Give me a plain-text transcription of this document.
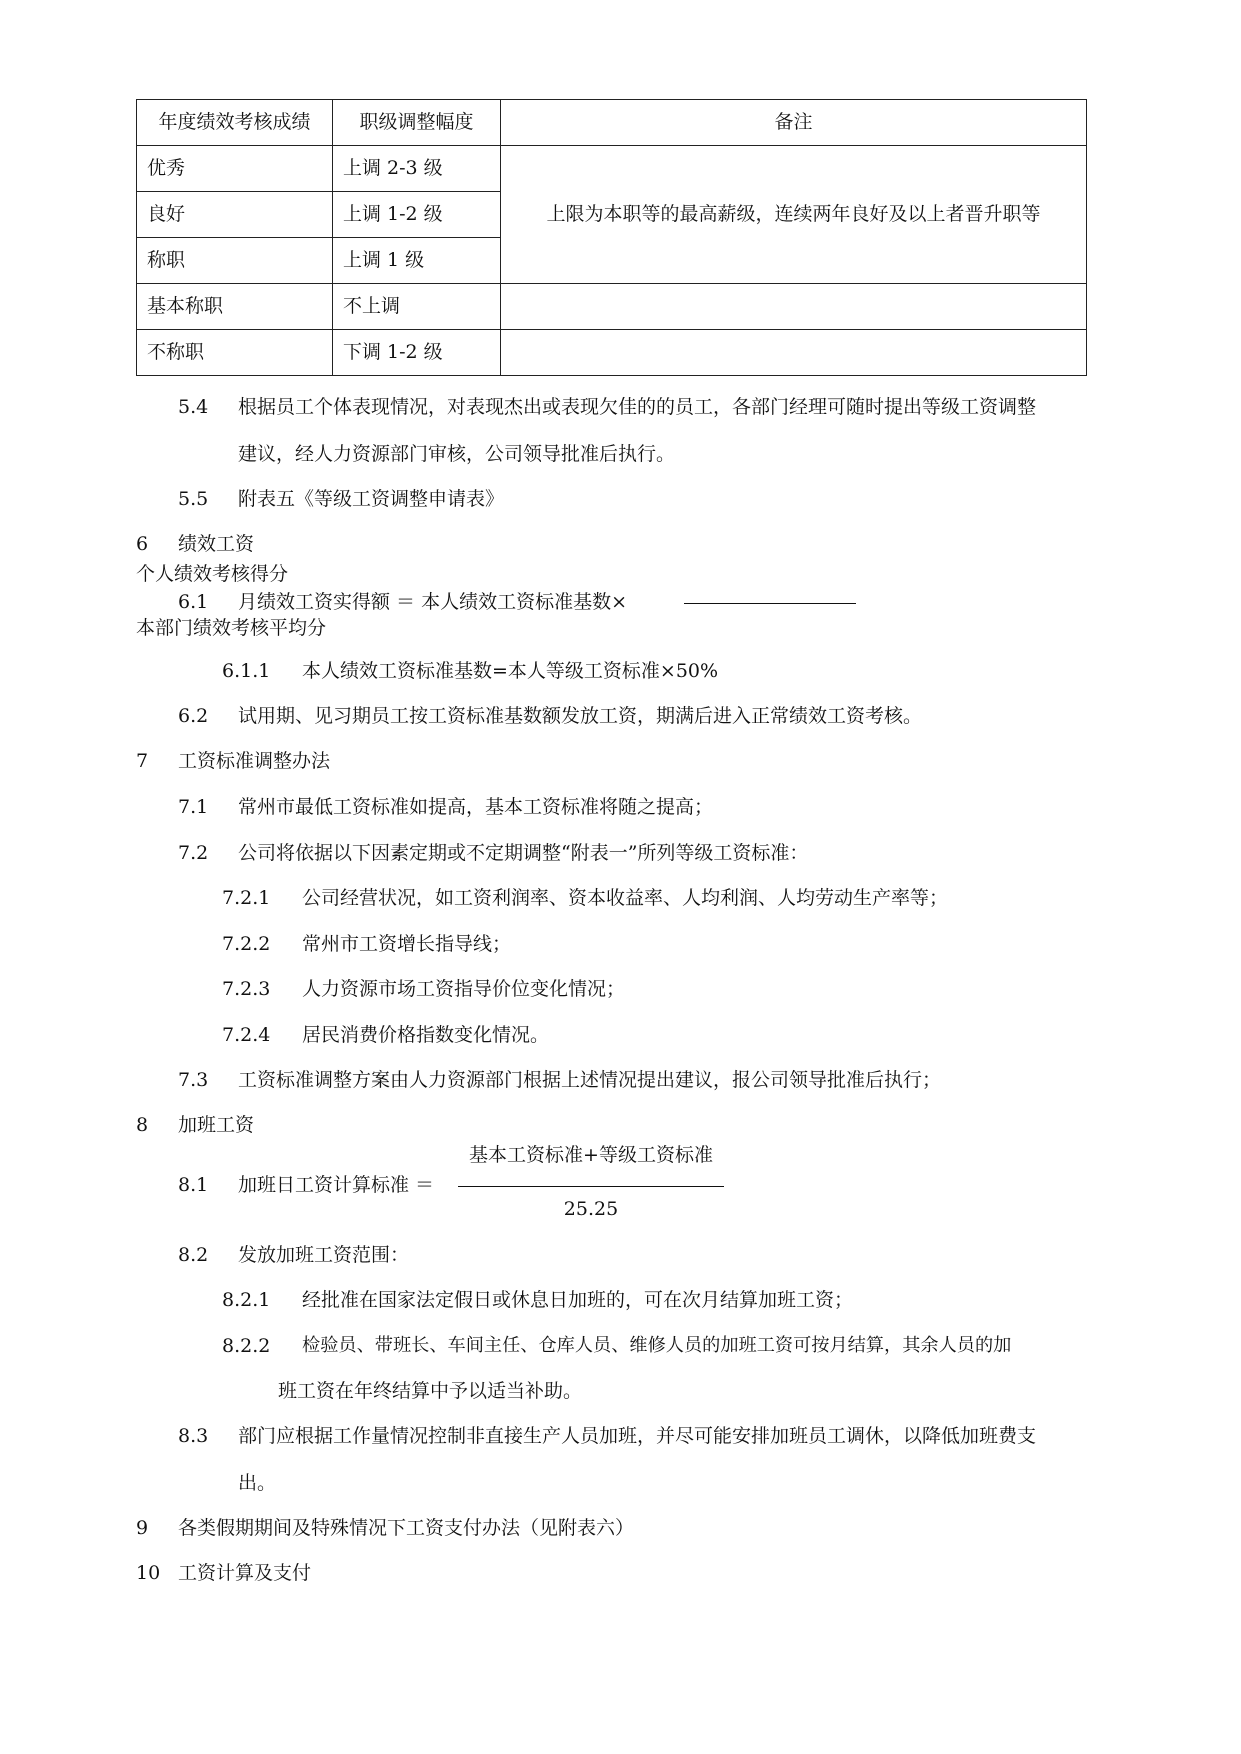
年度绩效考核成绩	职级调整幅度	备注
优秀	上调 2-3 级	上限为本职等的最高薪级，连续两年良好及以上者晋升职等
良好	上调 1-2 级	
称职	上调 1 级	
基本称职	不上调	
不称职	下调 1-2 级	
5.4 根据员工个体表现情况，对表现杰出或表现欠佳的的员工，各部门经理可随时提出等级工资调整
建议，经人力资源部门审核，公司领导批准后执行。
5.5 附表五《等级工资调整申请表》
6 绩效工资
个人绩效考核得分
6.1 月绩效工资实得额 ＝ 本人绩效工资标准基数×
本部门绩效考核平均分
6.1.1 本人绩效工资标准基数=本人等级工资标准×50%
6.2 试用期、见习期员工按工资标准基数额发放工资，期满后进入正常绩效工资考核。
7 工资标准调整办法
7.1 常州市最低工资标准如提高，基本工资标准将随之提高；
7.2 公司将依据以下因素定期或不定期调整“附表一”所列等级工资标准：
7.2.1 公司经营状况，如工资利润率、资本收益率、人均利润、人均劳动生产率等；
7.2.2 常州市工资增长指导线；
7.2.3 人力资源市场工资指导价位变化情况；
7.2.4 居民消费价格指数变化情况。
7.3 工资标准调整方案由人力资源部门根据上述情况提出建议，报公司领导批准后执行；
8 加班工资
基本工资标准+等级工资标准
8.1 加班日工资计算标准 ＝
25.25
8.2 发放加班工资范围：
8.2.1 经批准在国家法定假日或休息日加班的，可在次月结算加班工资；
8.2.2 检验员、带班长、车间主任、仓库人员、维修人员的加班工资可按月结算，其余人员的加
班工资在年终结算中予以适当补助。
8.3 部门应根据工作量情况控制非直接生产人员加班，并尽可能安排加班员工调休，以降低加班费支
出。
9 各类假期期间及特殊情况下工资支付办法（见附表六）
10 工资计算及支付
